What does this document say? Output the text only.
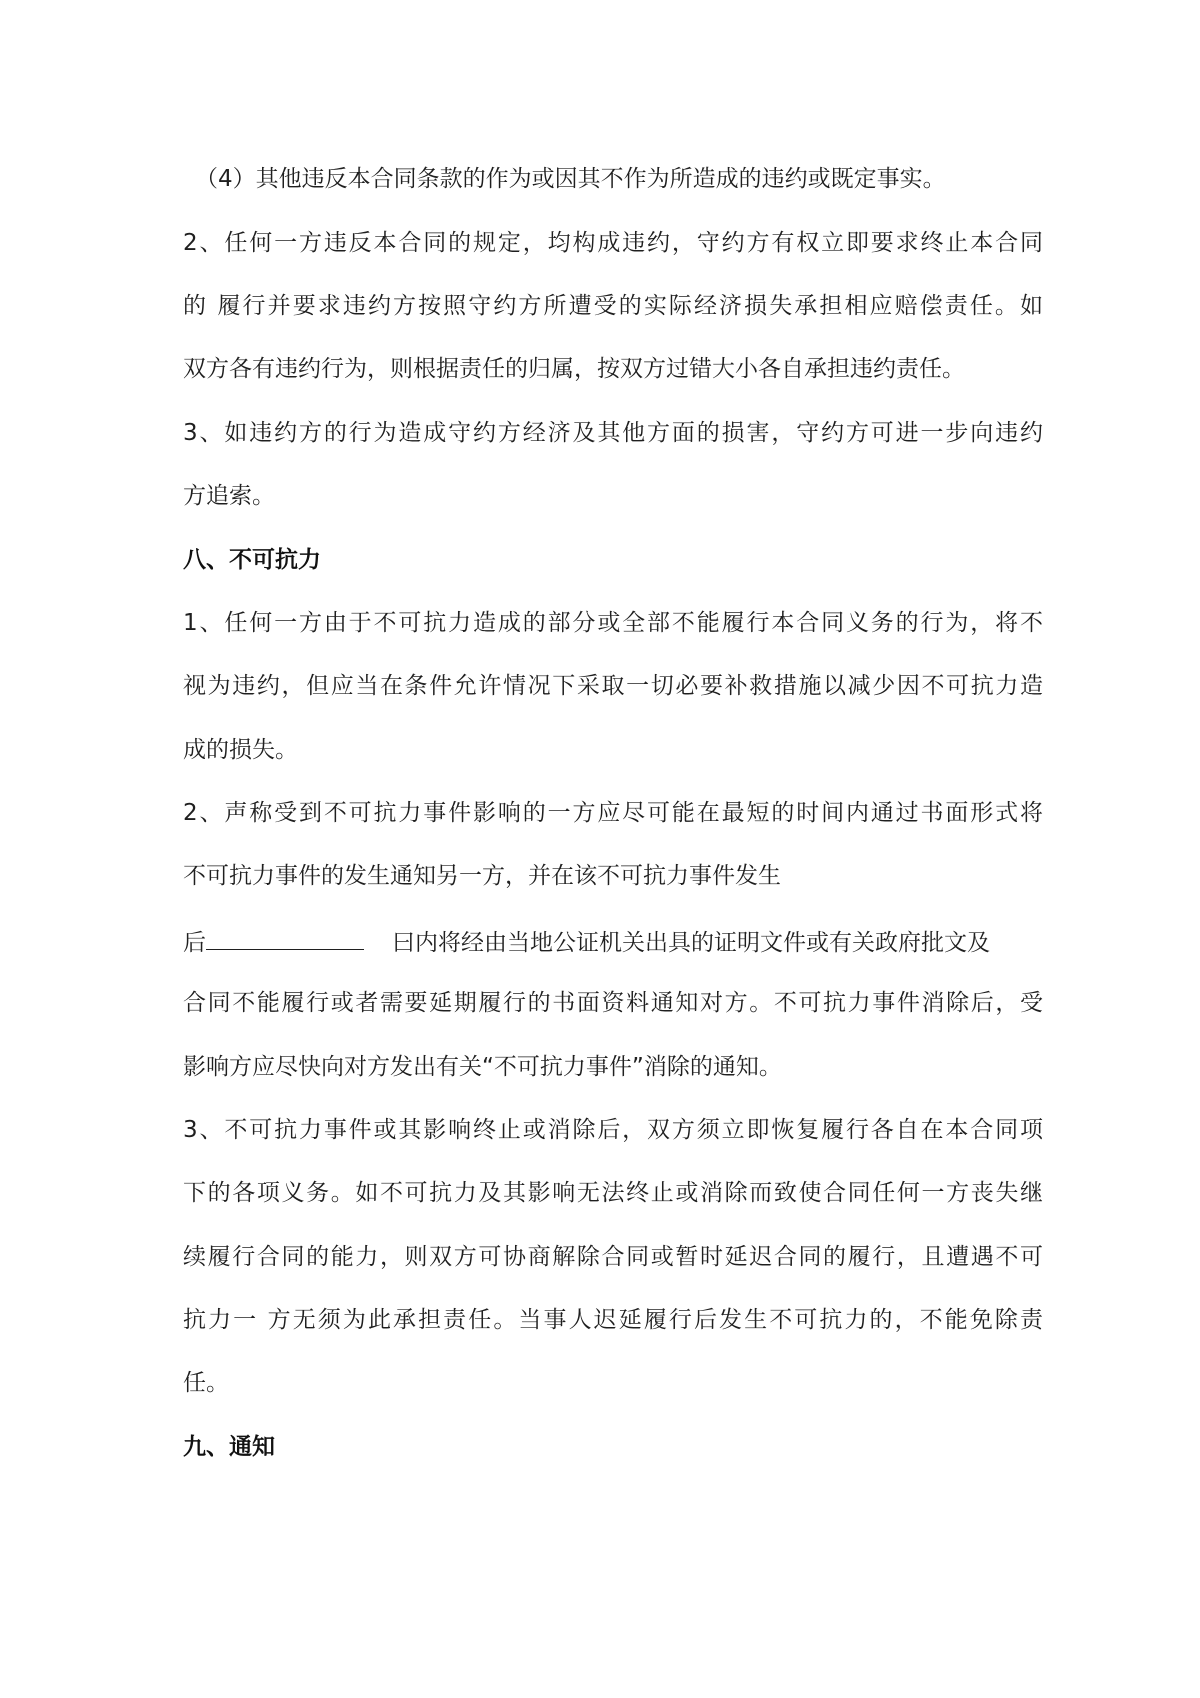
（4）其他违反本合同条款的作为或因其不作为所造成的违约或既定事实。
2、任何一方违反本合同的规定，均构成违约，守约方有权立即要求终止本合同
的 履行并要求违约方按照守约方所遭受的实际经济损失承担相应赔偿责任。如
双方各有违约行为，则根据责任的归属，按双方过错大小各自承担违约责任。
3、如违约方的行为造成守约方经济及其他方面的损害，守约方可进一步向违约
方追索。
八、不可抗力
1、任何一方由于不可抗力造成的部分或全部不能履行本合同义务的行为，将不
视为违约，但应当在条件允许情况下采取一切必要补救措施以减少因不可抗力造
成的损失。
2、声称受到不可抗力事件影响的一方应尽可能在最短的时间内通过书面形式将
不可抗力事件的发生通知另一方，并在该不可抗力事件发生
后	曰内将经由当地公证机关出具的证明文件或有关政府批文及
合同不能履行或者需要延期履行的书面资料通知对方。不可抗力事件消除后，受
影响方应尽快向对方发出有关“不可抗力事件”消除的通知。
3、不可抗力事件或其影响终止或消除后，双方须立即恢复履行各自在本合同项
下的各项义务。如不可抗力及其影响无法终止或消除而致使合同任何一方丧失继
续履行合同的能力，则双方可协商解除合同或暂时延迟合同的履行，且遭遇不可
抗力一 方无须为此承担责任。当事人迟延履行后发生不可抗力的，不能免除责
任。
九、通知
